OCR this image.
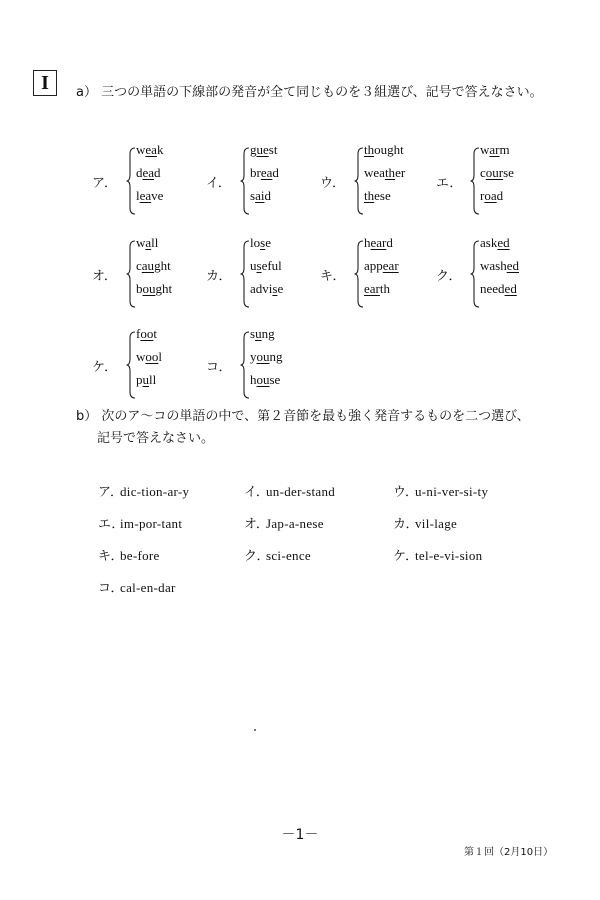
I a） 三つの単語の下線部の発音が全て同じものを３組選び、記号で答えなさい。
ア．
weak
dead
leave
イ．
guest
bread
said
ウ．
thought
weather
these
エ．
warm
course
road
オ．
wall
caught
bought
カ．
lose
useful
advise
キ．
heard
appear
earth
ク．
asked
washed
needed
ケ．
foot
wool
pull
コ．
sung
young
house
b） 次のア～コの単語の中で、第２音節を最も強く発音するものを二つ選び、
記号で答えなさい。
ア．dic-tion-ar-y	イ．un-der-stand	ウ．u-ni-ver-si-ty
エ．im-por-tant	オ．Jap-a-nese	カ．vil-lage
キ．be-fore	ク．sci-ence	ケ．tel-e-vi-sion
コ．cal-en-dar
－1－
第１回（2月10日）
